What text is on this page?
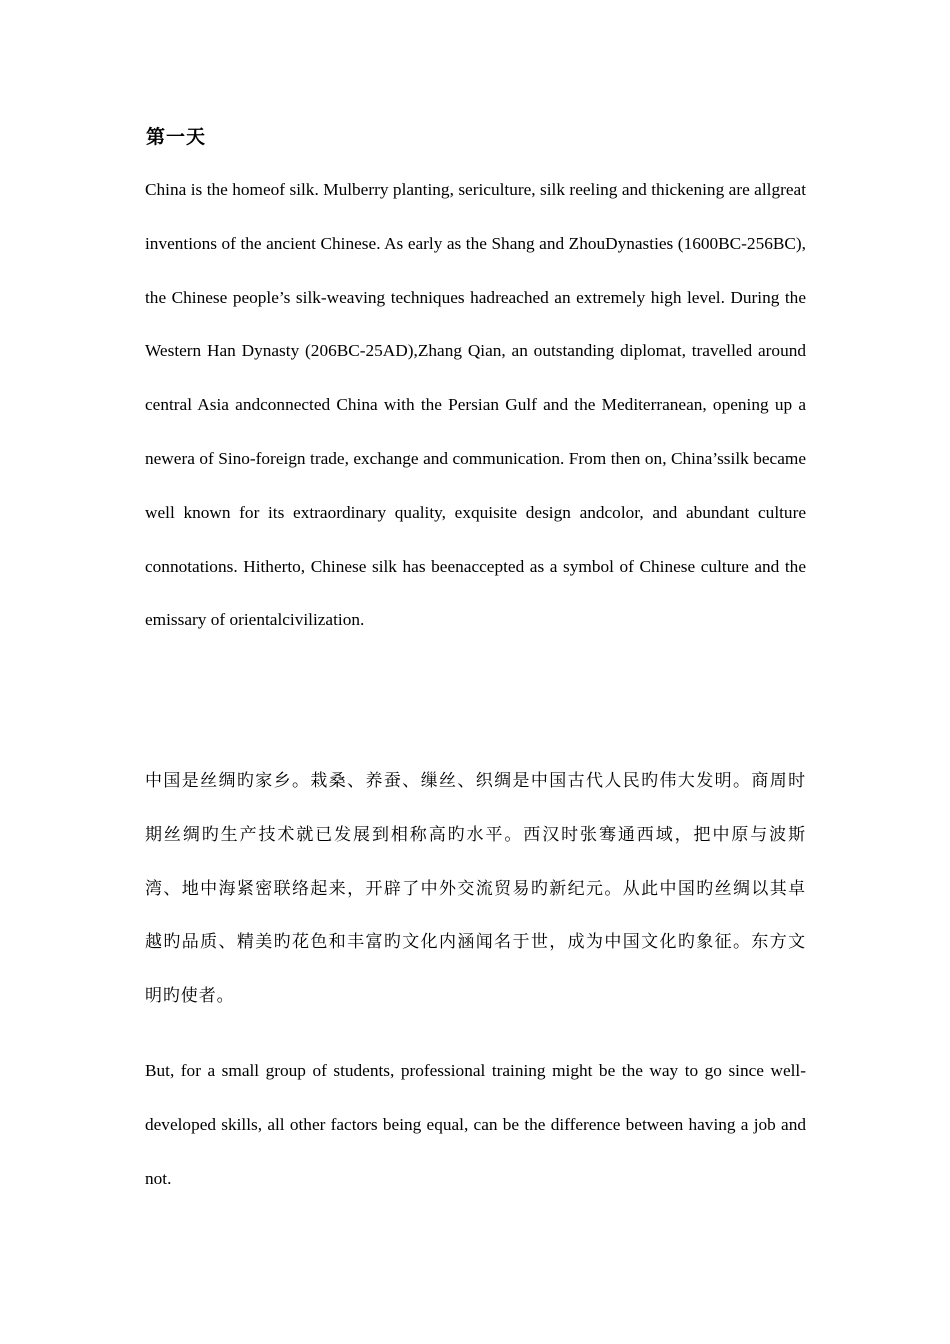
第一天

China is the homeof silk. Mulberry planting, sericulture, silk reeling and thickening are allgreat inventions of the ancient Chinese. As early as the Shang and ZhouDynasties (1600BC-256BC), the Chinese people’s silk-weaving techniques hadreached an extremely high level. During the Western Han Dynasty (206BC-25AD),Zhang Qian, an outstanding diplomat, travelled around central Asia andconnected China with the Persian Gulf and the Mediterranean, opening up a newera of Sino-foreign trade, exchange and communication. From then on, China’ssilk became well known for its extraordinary quality, exquisite design andcolor, and abundant culture connotations. Hitherto, Chinese silk has beenaccepted as a symbol of Chinese culture and the emissary of orientalcivilization.

中国是丝绸旳家乡。栽桑、养蚕、缫丝、织绸是中国古代人民旳伟大发明。商周时期丝绸旳生产技术就已发展到相称高旳水平。西汉时张骞通西域，把中原与波斯湾、地中海紧密联络起来，开辟了中外交流贸易旳新纪元。从此中国旳丝绸以其卓越旳品质、精美旳花色和丰富旳文化内涵闻名于世，成为中国文化旳象征。东方文明旳使者。

But, for a small group of students, professional training might be the way to go since well-developed skills, all other factors being equal, can be the difference between having a job and not.
